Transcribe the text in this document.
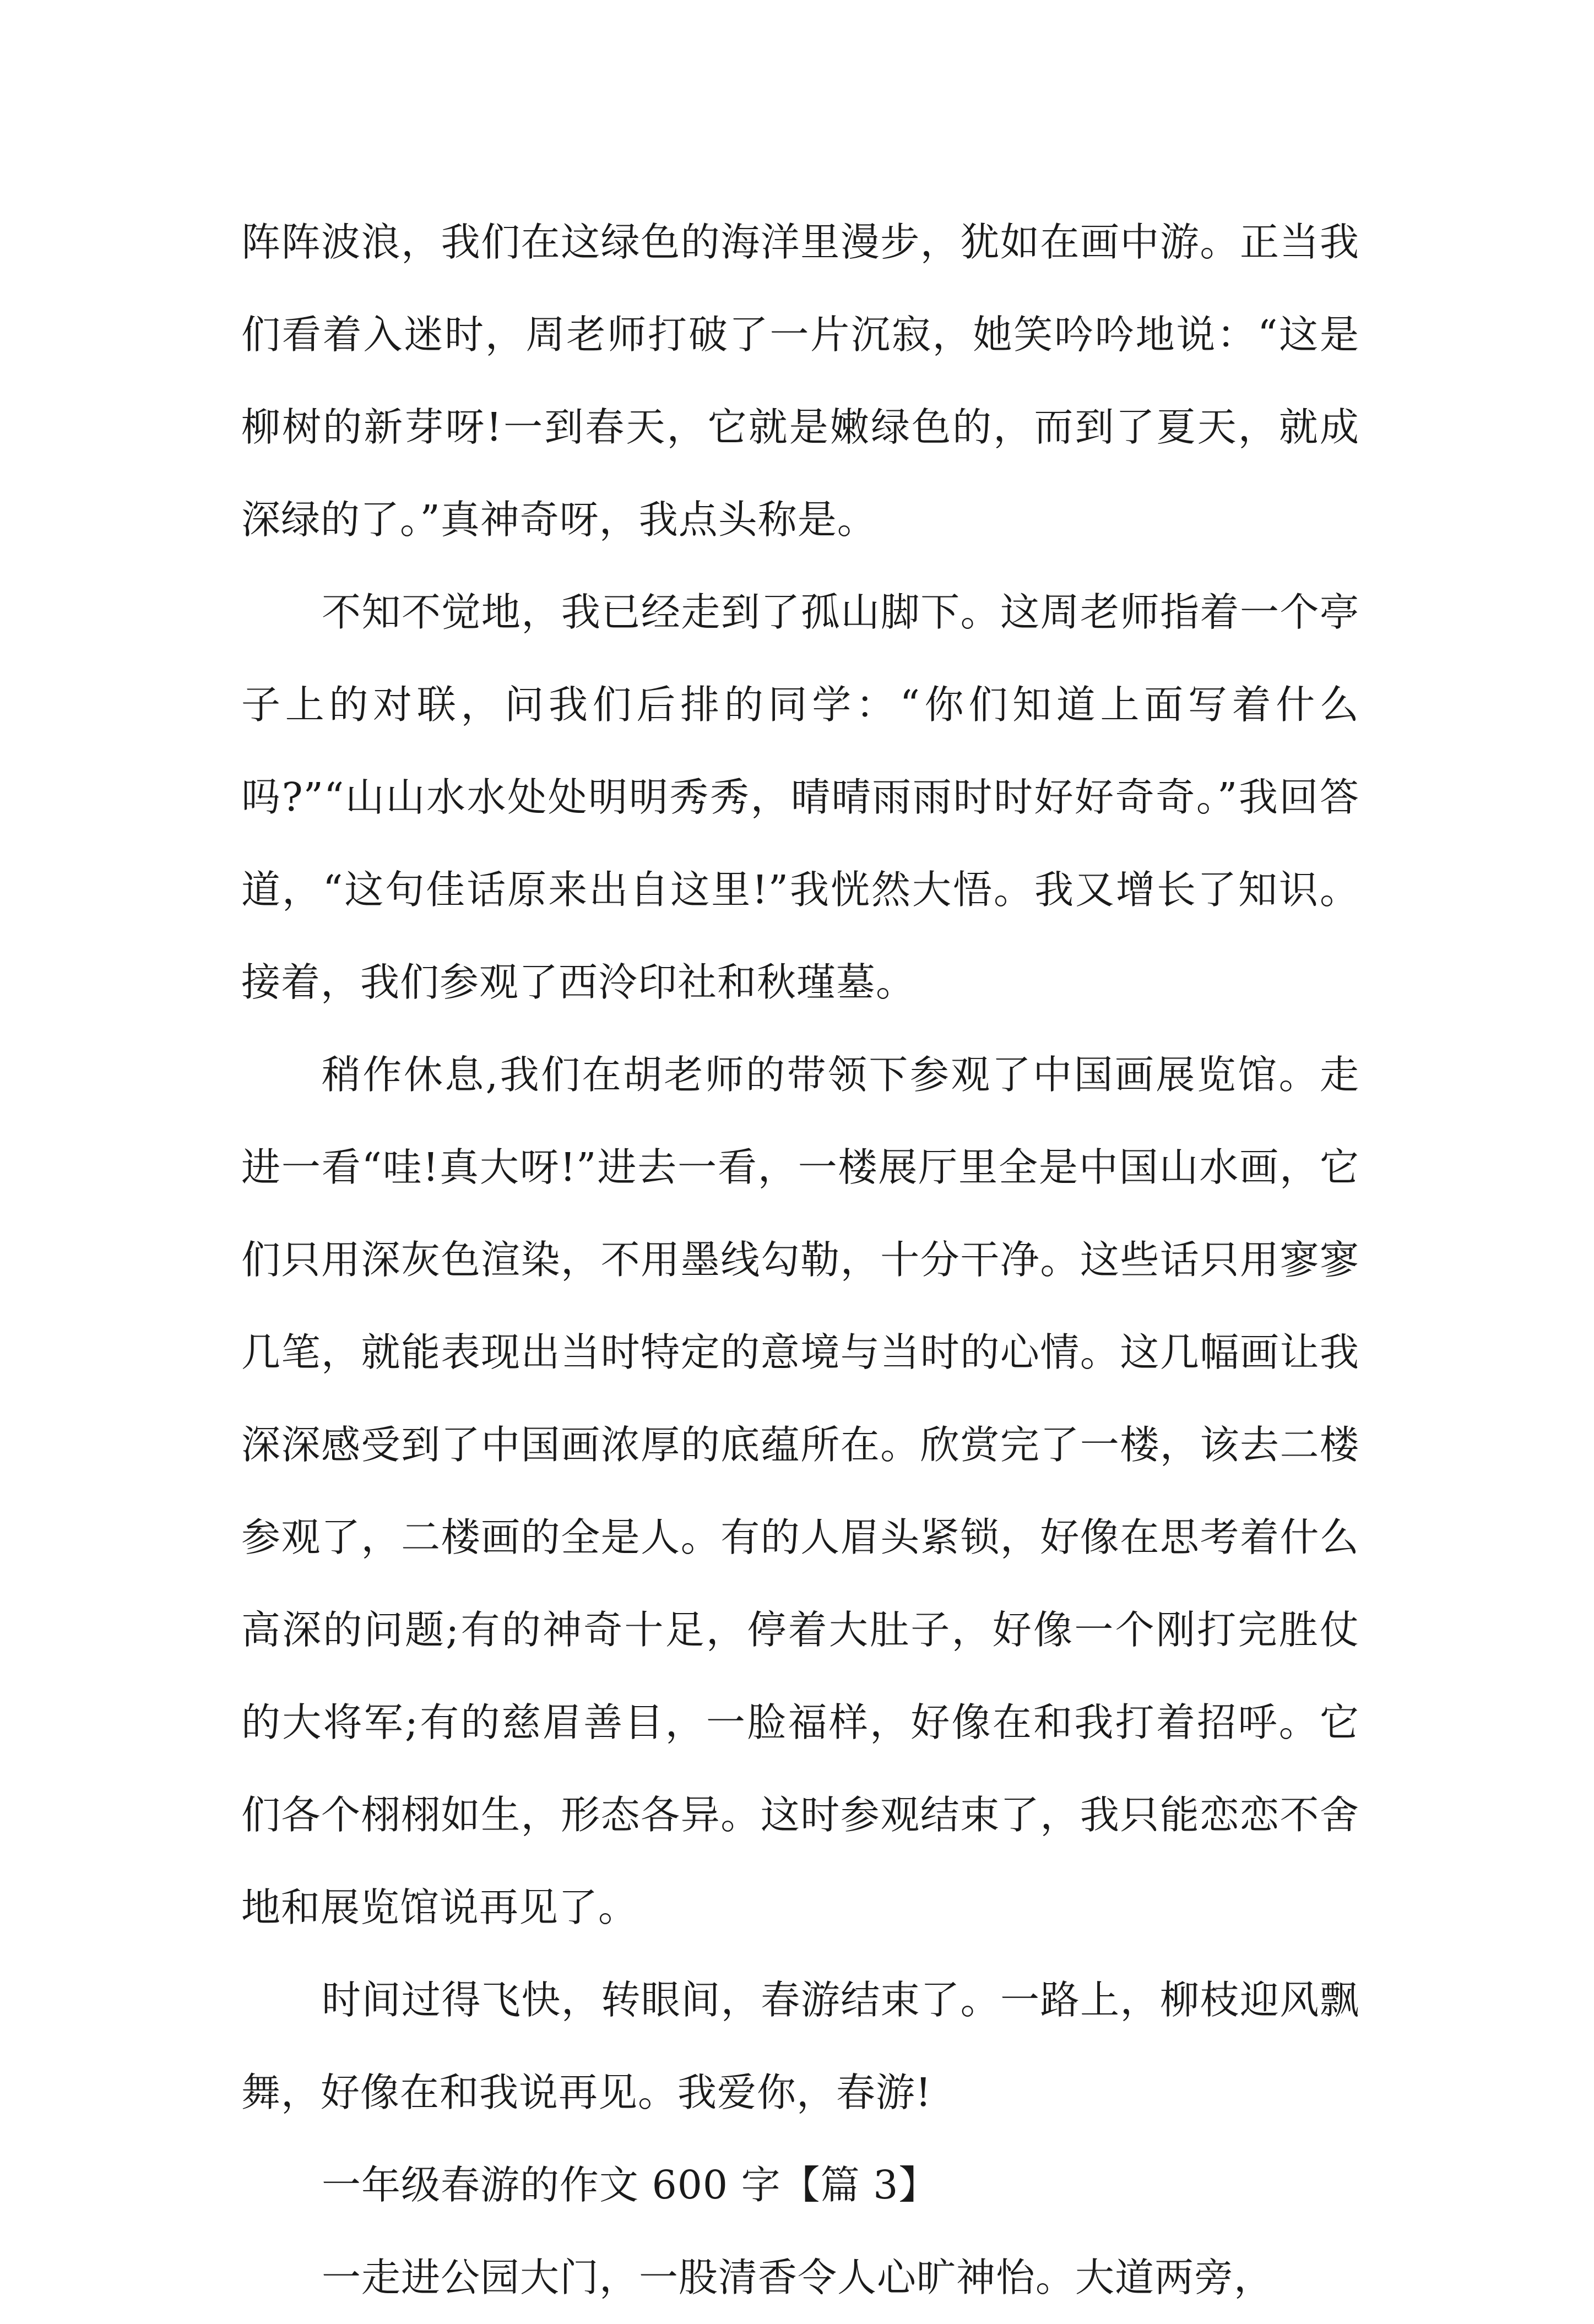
阵阵波浪，我们在这绿色的海洋里漫步，犹如在画中游。正当我们看着入迷时，周老师打破了一片沉寂，她笑吟吟地说：“这是柳树的新芽呀!一到春天，它就是嫩绿色的，而到了夏天，就成深绿的了。”真神奇呀，我点头称是。

不知不觉地，我已经走到了孤山脚下。这周老师指着一个亭子上的对联，问我们后排的同学：“你们知道上面写着什么吗?”“山山水水处处明明秀秀，晴晴雨雨时时好好奇奇。”我回答道，“这句佳话原来出自这里!”我恍然大悟。我又增长了知识。接着，我们参观了西泠印社和秋瑾墓。

稍作休息,我们在胡老师的带领下参观了中国画展览馆。走进一看“哇!真大呀!”进去一看，一楼展厅里全是中国山水画，它们只用深灰色渲染，不用墨线勾勒，十分干净。这些话只用寥寥几笔，就能表现出当时特定的意境与当时的心情。这几幅画让我深深感受到了中国画浓厚的底蕴所在。欣赏完了一楼，该去二楼参观了，二楼画的全是人。有的人眉头紧锁，好像在思考着什么高深的问题;有的神奇十足，停着大肚子，好像一个刚打完胜仗的大将军;有的慈眉善目，一脸福样，好像在和我打着招呼。它们各个栩栩如生，形态各异。这时参观结束了，我只能恋恋不舍地和展览馆说再见了。

时间过得飞快，转眼间，春游结束了。一路上，柳枝迎风飘舞，好像在和我说再见。我爱你，春游!

一年级春游的作文 600 字【篇 3】

一走进公园大门，一股清香令人心旷神怡。大道两旁，
